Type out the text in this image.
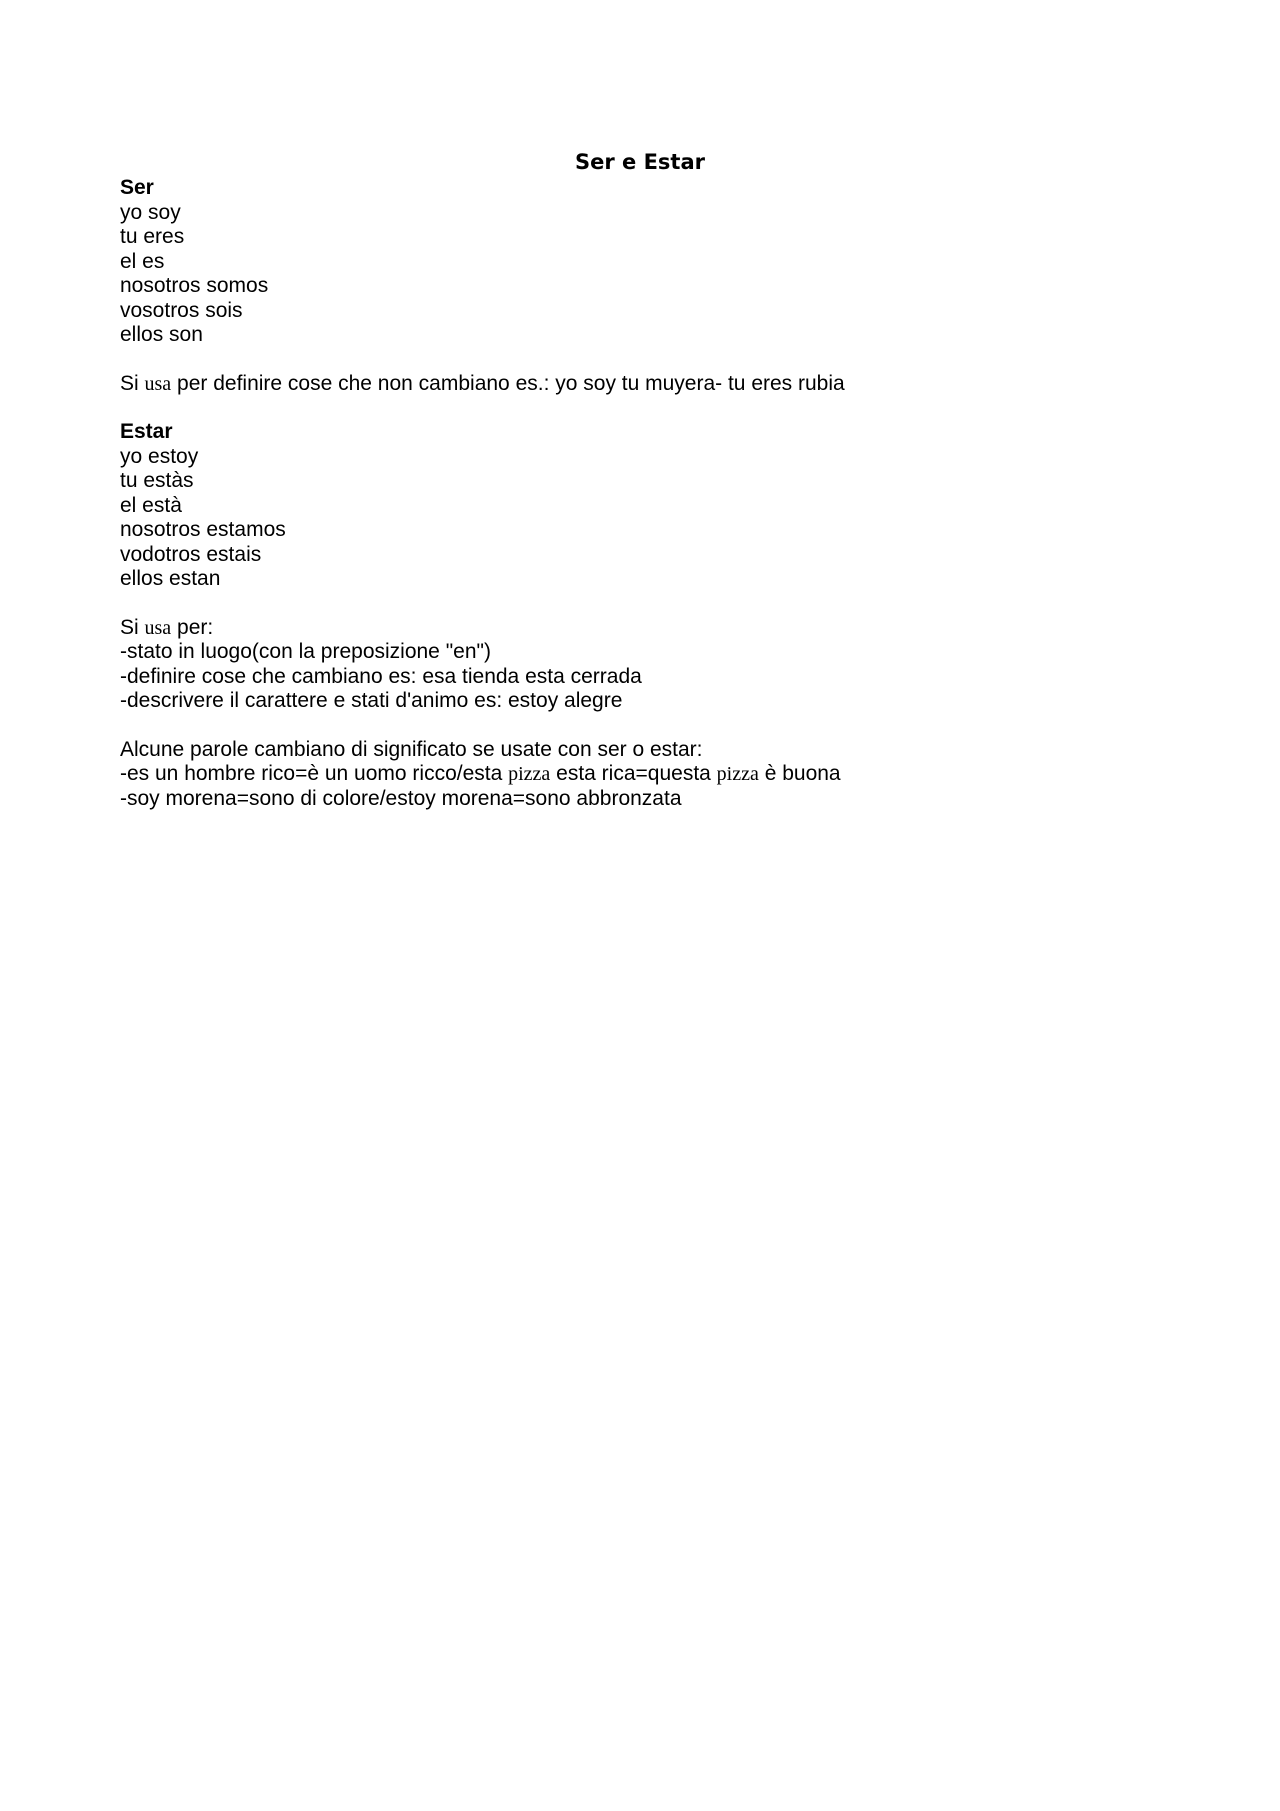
Ser e Estar

Ser

yo soy

tu eres

el es

nosotros somos

vosotros sois

ellos son

Si usa per definire cose che non cambiano es.: yo soy tu muyera- tu eres rubia

Estar

yo estoy

tu estàs

el està

nosotros estamos

vodotros estais

ellos estan

Si usa per:

-stato in luogo(con la preposizione "en")

-definire cose che cambiano es: esa tienda esta cerrada

-descrivere il carattere e stati d'animo es: estoy alegre

Alcune parole cambiano di significato se usate con ser o estar:

-es un hombre rico=è un uomo ricco/esta pizza esta rica=questa pizza è buona

-soy morena=sono di colore/estoy morena=sono abbronzata
